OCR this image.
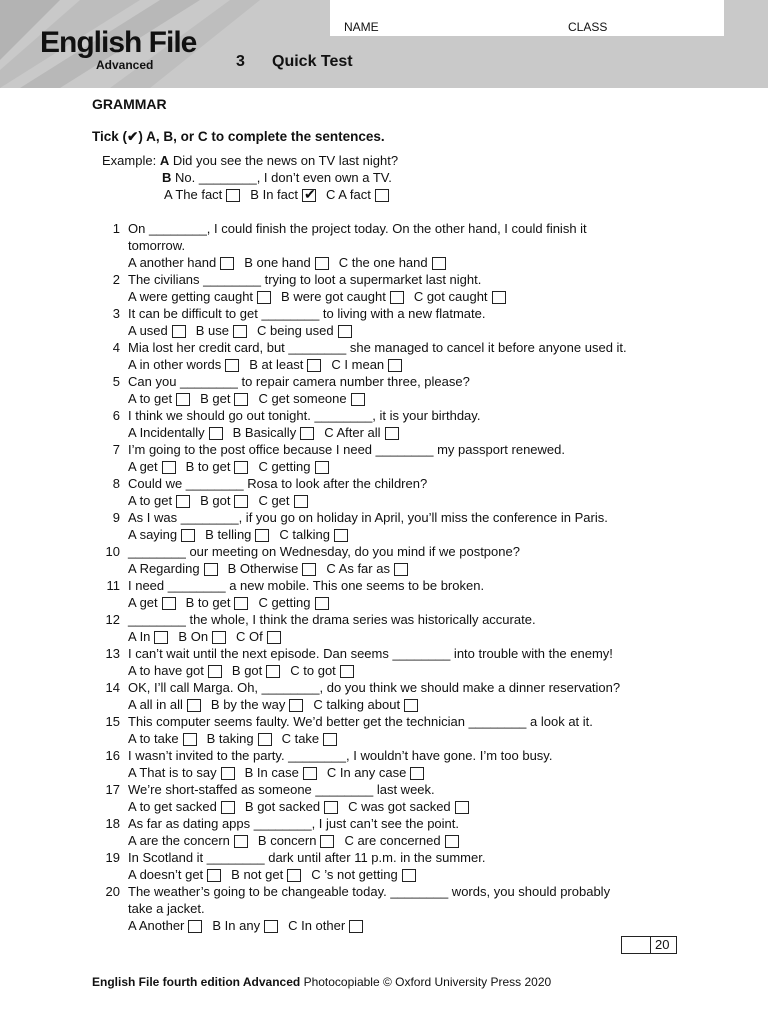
English File
Advanced
NAME	CLASS
3 Quick Test
GRAMMAR
Tick (✔) A, B, or C to complete the sentences.
Example: A Did you see the news on TV last night?
B No. ________, I don’t even own a TV.
A The fact B In fact ✔ C A fact
1 On ________, I could finish the project today. On the other hand, I could finish it
tomorrow.
A another hand B one hand C the one hand
2 The civilians ________ trying to loot a supermarket last night.
A were getting caught B were got caught C got caught
3 It can be difficult to get ________ to living with a new flatmate.
A used B use C being used
4 Mia lost her credit card, but ________ she managed to cancel it before anyone used it.
A in other words B at least C I mean
5 Can you ________ to repair camera number three, please?
A to get B get C get someone
6 I think we should go out tonight. ________, it is your birthday.
A Incidentally B Basically C After all
7 I’m going to the post office because I need ________ my passport renewed.
A get B to get C getting
8 Could we ________ Rosa to look after the children?
A to get B got C get
9 As I was ________, if you go on holiday in April, you’ll miss the conference in Paris.
A saying B telling C talking
10 ________ our meeting on Wednesday, do you mind if we postpone?
A Regarding B Otherwise C As far as
11 I need ________ a new mobile. This one seems to be broken.
A get B to get C getting
12 ________ the whole, I think the drama series was historically accurate.
A In B On C Of
13 I can’t wait until the next episode. Dan seems ________ into trouble with the enemy!
A to have got B got C to got
14 OK, I’ll call Marga. Oh, ________, do you think we should make a dinner reservation?
A all in all B by the way C talking about
15 This computer seems faulty. We’d better get the technician ________ a look at it.
A to take B taking C take
16 I wasn’t invited to the party. ________, I wouldn’t have gone. I’m too busy.
A That is to say B In case C In any case
17 We’re short-staffed as someone ________ last week.
A to get sacked B got sacked C was got sacked
18 As far as dating apps ________, I just can’t see the point.
A are the concern B concern C are concerned
19 In Scotland it ________ dark until after 11 p.m. in the summer.
A doesn’t get B not get C ’s not getting
20 The weather’s going to be changeable today. ________ words, you should probably
take a jacket.
A Another B In any C In other
20
English File fourth edition Advanced Photocopiable © Oxford University Press 2020
